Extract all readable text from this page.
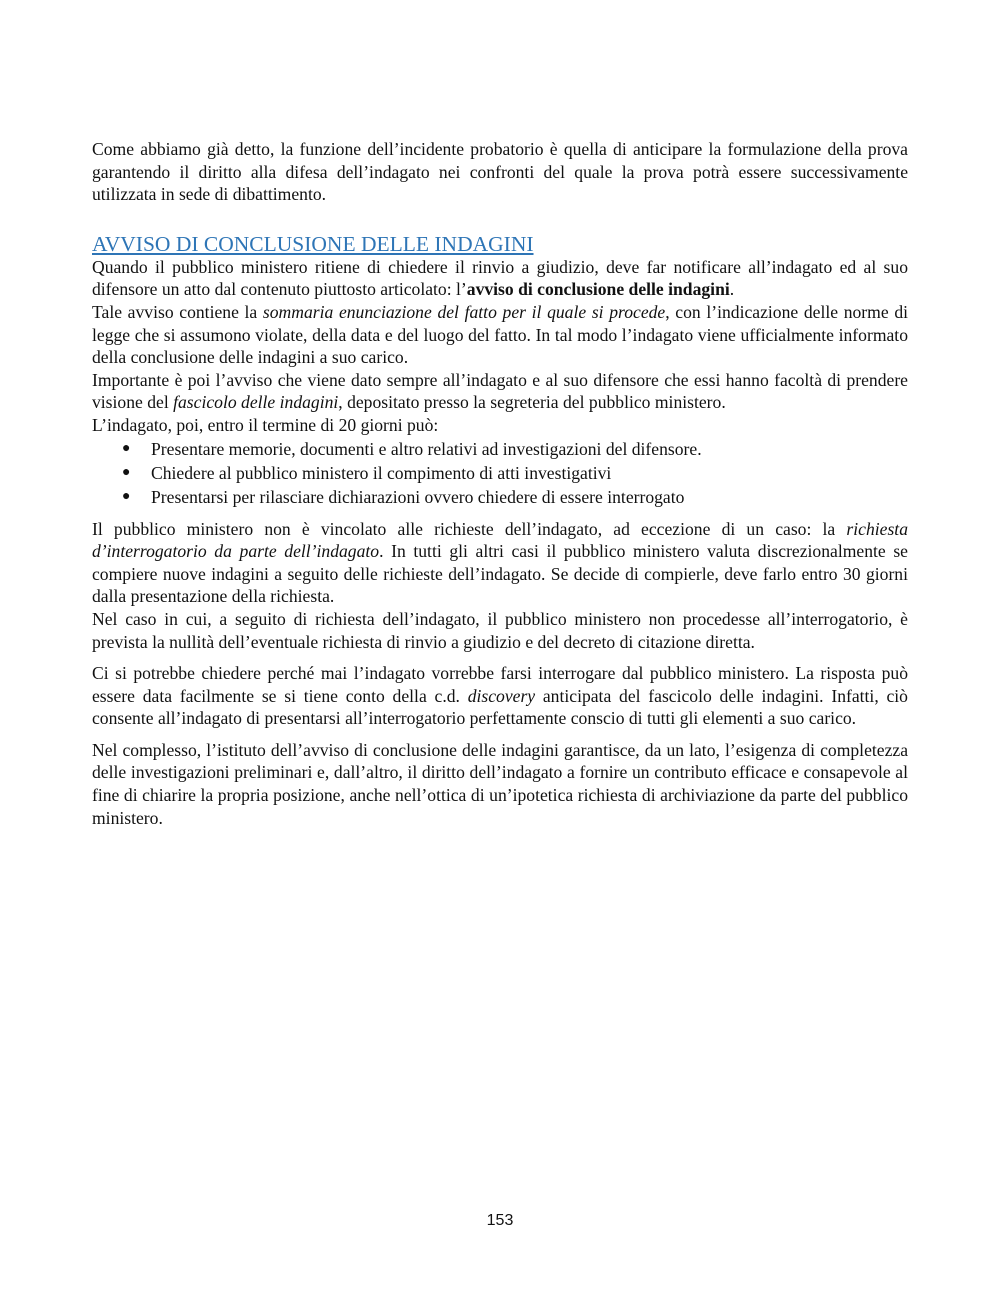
Come abbiamo già detto, la funzione dell’incidente probatorio è quella di anticipare la formulazione della prova garantendo il diritto alla difesa dell’indagato nei confronti del quale la prova potrà essere successivamente utilizzata in sede di dibattimento.

AVVISO DI CONCLUSIONE DELLE INDAGINI

Quando il pubblico ministero ritiene di chiedere il rinvio a giudizio, deve far notificare all’indagato ed al suo difensore un atto dal contenuto piuttosto articolato: l’avviso di conclusione delle indagini.

Tale avviso contiene la sommaria enunciazione del fatto per il quale si procede, con l’indicazione delle norme di legge che si assumono violate, della data e del luogo del fatto. In tal modo l’indagato viene ufficialmente informato della conclusione delle indagini a suo carico.

Importante è poi l’avviso che viene dato sempre all’indagato e al suo difensore che essi hanno facoltà di prendere visione del fascicolo delle indagini, depositato presso la segreteria del pubblico ministero.

L’indagato, poi, entro il termine di 20 giorni può:

● Presentare memorie, documenti e altro relativi ad investigazioni del difensore.
● Chiedere al pubblico ministero il compimento di atti investigativi
● Presentarsi per rilasciare dichiarazioni ovvero chiedere di essere interrogato

Il pubblico ministero non è vincolato alle richieste dell’indagato, ad eccezione di un caso: la richiesta d’interrogatorio da parte dell’indagato. In tutti gli altri casi il pubblico ministero valuta discrezionalmente se compiere nuove indagini a seguito delle richieste dell’indagato. Se decide di compierle, deve farlo entro 30 giorni dalla presentazione della richiesta.

Nel caso in cui, a seguito di richiesta dell’indagato, il pubblico ministero non procedesse all’interrogatorio, è prevista la nullità dell’eventuale richiesta di rinvio a giudizio e del decreto di citazione diretta.

Ci si potrebbe chiedere perché mai l’indagato vorrebbe farsi interrogare dal pubblico ministero. La risposta può essere data facilmente se si tiene conto della c.d. discovery anticipata del fascicolo delle indagini. Infatti, ciò consente all’indagato di presentarsi all’interrogatorio perfettamente conscio di tutti gli elementi a suo carico.

Nel complesso, l’istituto dell’avviso di conclusione delle indagini garantisce, da un lato, l’esigenza di completezza delle investigazioni preliminari e, dall’altro, il diritto dell’indagato a fornire un contributo efficace e consapevole al fine di chiarire la propria posizione, anche nell’ottica di un’ipotetica richiesta di archiviazione da parte del pubblico ministero.

153
